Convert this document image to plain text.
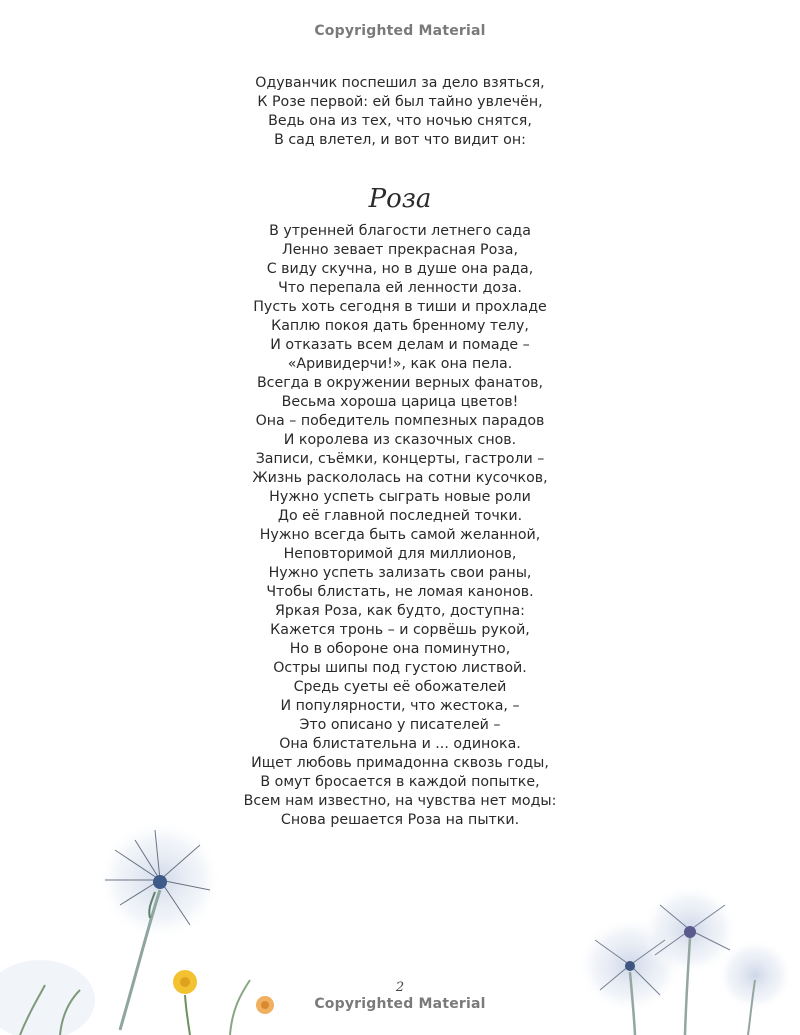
Copyrighted Material
Одуванчик поспешил за дело взяться,
К Розе первой: ей был тайно увлечён,
Ведь она из тех, что ночью снятся,
В сад влетел, и вот что видит он:
Роза
В утренней благости летнего сада
Ленно зевает прекрасная Роза,
С виду скучна, но в душе она рада,
Что перепала ей ленности доза.
Пусть хоть сегодня в тиши и прохладе
Каплю покоя дать бренному телу,
И отказать всем делам и помаде –
«Аривидерчи!», как она пела.
Всегда в окружении верных фанатов,
Весьма хороша царица цветов!
Она – победитель помпезных парадов
И королева из сказочных снов.
Записи, съёмки, концерты, гастроли –
Жизнь раскололась на сотни кусочков,
Нужно успеть сыграть новые роли
До её главной последней точки.
Нужно всегда быть самой желанной,
Неповторимой для миллионов,
Нужно успеть зализать свои раны,
Чтобы блистать, не ломая канонов.
Яркая Роза, как будто, доступна:
Кажется тронь – и сорвёшь рукой,
Но в обороне она поминутно,
Остры шипы под густою листвой.
Средь суеты её обожателей
И популярности, что жестока, –
Это описано у писателей –
Она блистательна и ... одинока.
Ищет любовь примадонна сквозь годы,
В омут бросается в каждой попытке,
Всем нам известно, на чувства нет моды:
Снова решается Роза на пытки.
2
Copyrighted Material
